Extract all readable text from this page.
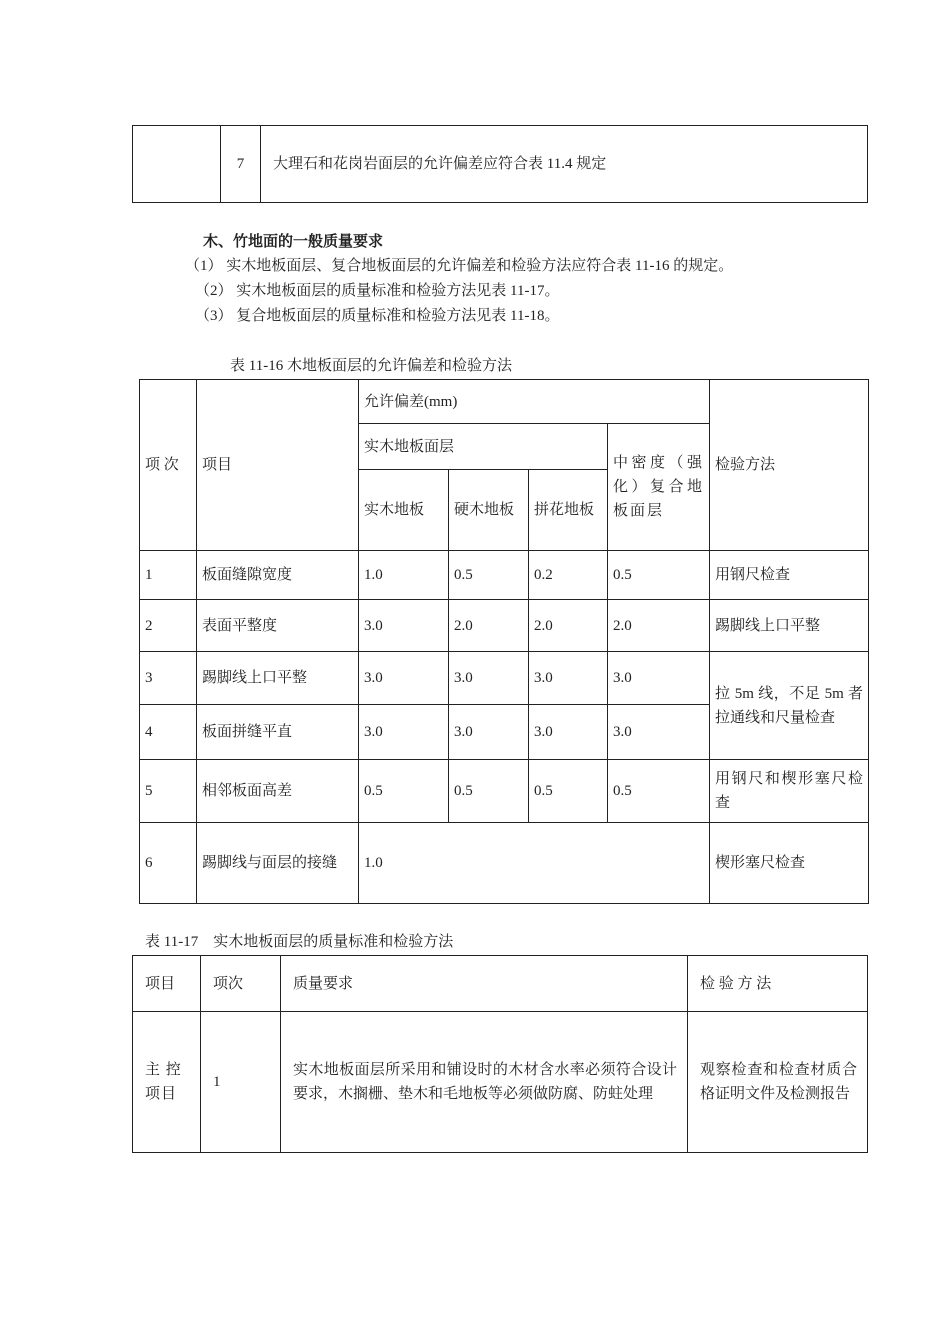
	7	大理石和花岗岩面层的允许偏差应符合表 11.4 规定
木、竹地面的一般质量要求
（1） 实木地板面层、复合地板面层的允许偏差和检验方法应符合表 11-16 的规定。
（2） 实木地板面层的质量标准和检验方法见表 11-17。
（3） 复合地板面层的质量标准和检验方法见表 11-18。
表 11-16 木地板面层的允许偏差和检验方法
项 次	项目	允许偏差(mm)				检验方法
		实木地板面层			中密度（强化）复合地板面层	
		实木地板	硬木地板	拼花地板		
1	板面缝隙宽度	1.0	0.5	0.2	0.5	用钢尺检查
2	表面平整度	3.0	2.0	2.0	2.0	踢脚线上口平整
3	踢脚线上口平整	3.0	3.0	3.0	3.0	拉 5m 线，不足 5m 者拉通线和尺量检查
4	板面拼缝平直	3.0	3.0	3.0	3.0	
5	相邻板面高差	0.5	0.5	0.5	0.5	用钢尺和楔形塞尺检查
6	踢脚线与面层的接缝	1.0				楔形塞尺检查
表 11-17　实木地板面层的质量标准和检验方法
项目	项次	质量要求	检 验 方 法
主 控 项目	1	实木地板面层所采用和铺设时的木材含水率必须符合设计要求，木搁栅、垫木和毛地板等必须做防腐、防蛀处理	观察检查和检查材质合格证明文件及检测报告
